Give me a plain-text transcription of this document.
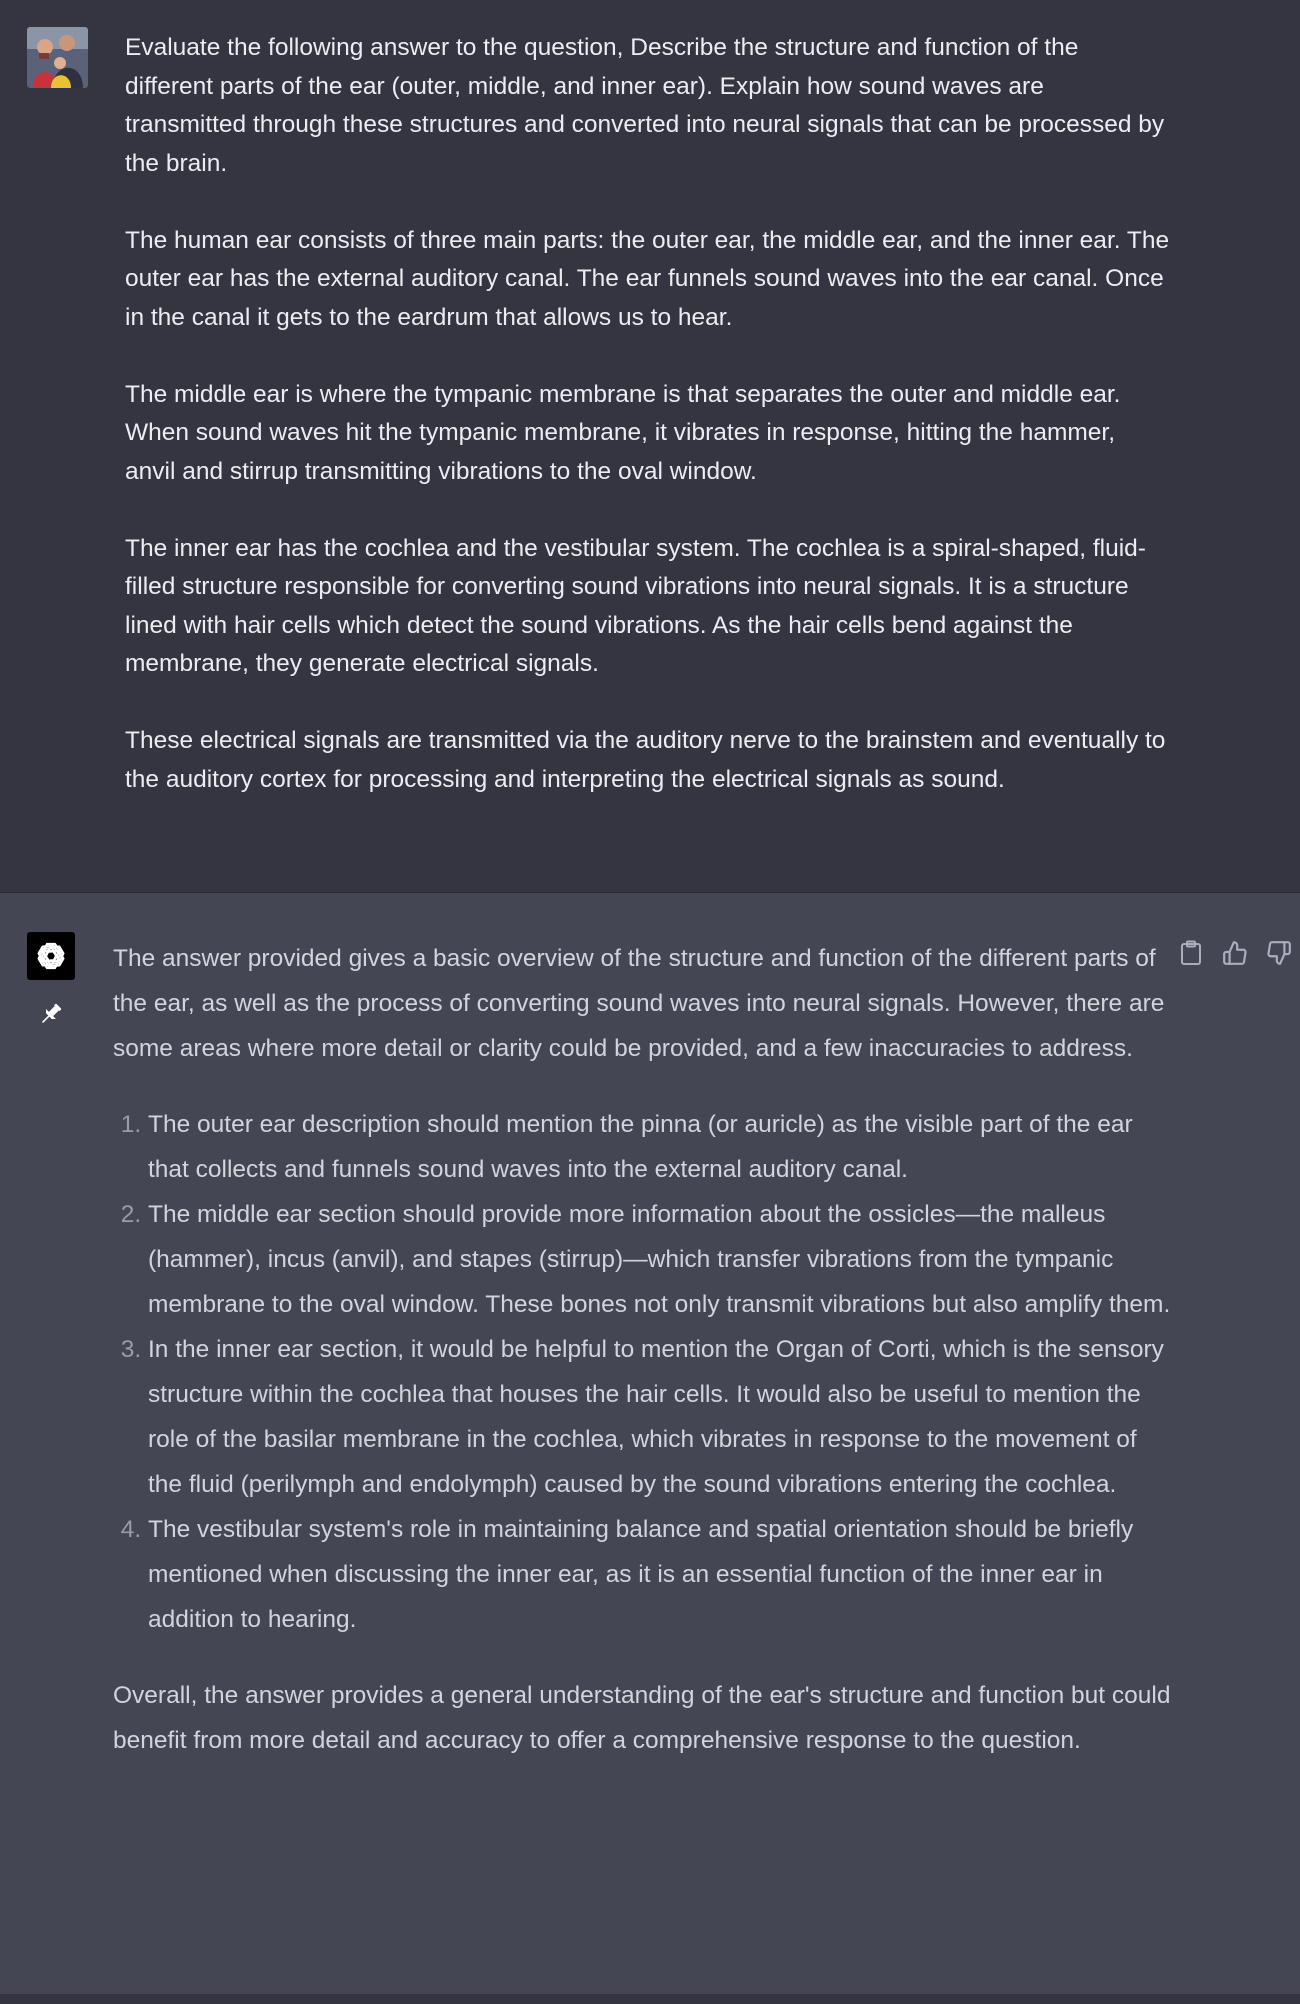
Evaluate the following answer to the question, Describe the structure and function of the different parts of the ear (outer, middle, and inner ear). Explain how sound waves are transmitted through these structures and converted into neural signals that can be processed by the brain.

The human ear consists of three main parts: the outer ear, the middle ear, and the inner ear. The outer ear has the external auditory canal. The ear funnels sound waves into the ear canal. Once in the canal it gets to the eardrum that allows us to hear.

The middle ear is where the tympanic membrane is that separates the outer and middle ear. When sound waves hit the tympanic membrane, it vibrates in response, hitting the hammer, anvil and stirrup transmitting vibrations to the oval window.

The inner ear has the cochlea and the vestibular system. The cochlea is a spiral-shaped, fluid-filled structure responsible for converting sound vibrations into neural signals. It is a structure lined with hair cells which detect the sound vibrations. As the hair cells bend against the membrane, they generate electrical signals.

These electrical signals are transmitted via the auditory nerve to the brainstem and eventually to the auditory cortex for processing and interpreting the electrical signals as sound.

The answer provided gives a basic overview of the structure and function of the different parts of the ear, as well as the process of converting sound waves into neural signals. However, there are some areas where more detail or clarity could be provided, and a few inaccuracies to address.

1. The outer ear description should mention the pinna (or auricle) as the visible part of the ear that collects and funnels sound waves into the external auditory canal.
2. The middle ear section should provide more information about the ossicles—the malleus (hammer), incus (anvil), and stapes (stirrup)—which transfer vibrations from the tympanic membrane to the oval window. These bones not only transmit vibrations but also amplify them.
3. In the inner ear section, it would be helpful to mention the Organ of Corti, which is the sensory structure within the cochlea that houses the hair cells. It would also be useful to mention the role of the basilar membrane in the cochlea, which vibrates in response to the movement of the fluid (perilymph and endolymph) caused by the sound vibrations entering the cochlea.
4. The vestibular system's role in maintaining balance and spatial orientation should be briefly mentioned when discussing the inner ear, as it is an essential function of the inner ear in addition to hearing.

Overall, the answer provides a general understanding of the ear's structure and function but could benefit from more detail and accuracy to offer a comprehensive response to the question.
